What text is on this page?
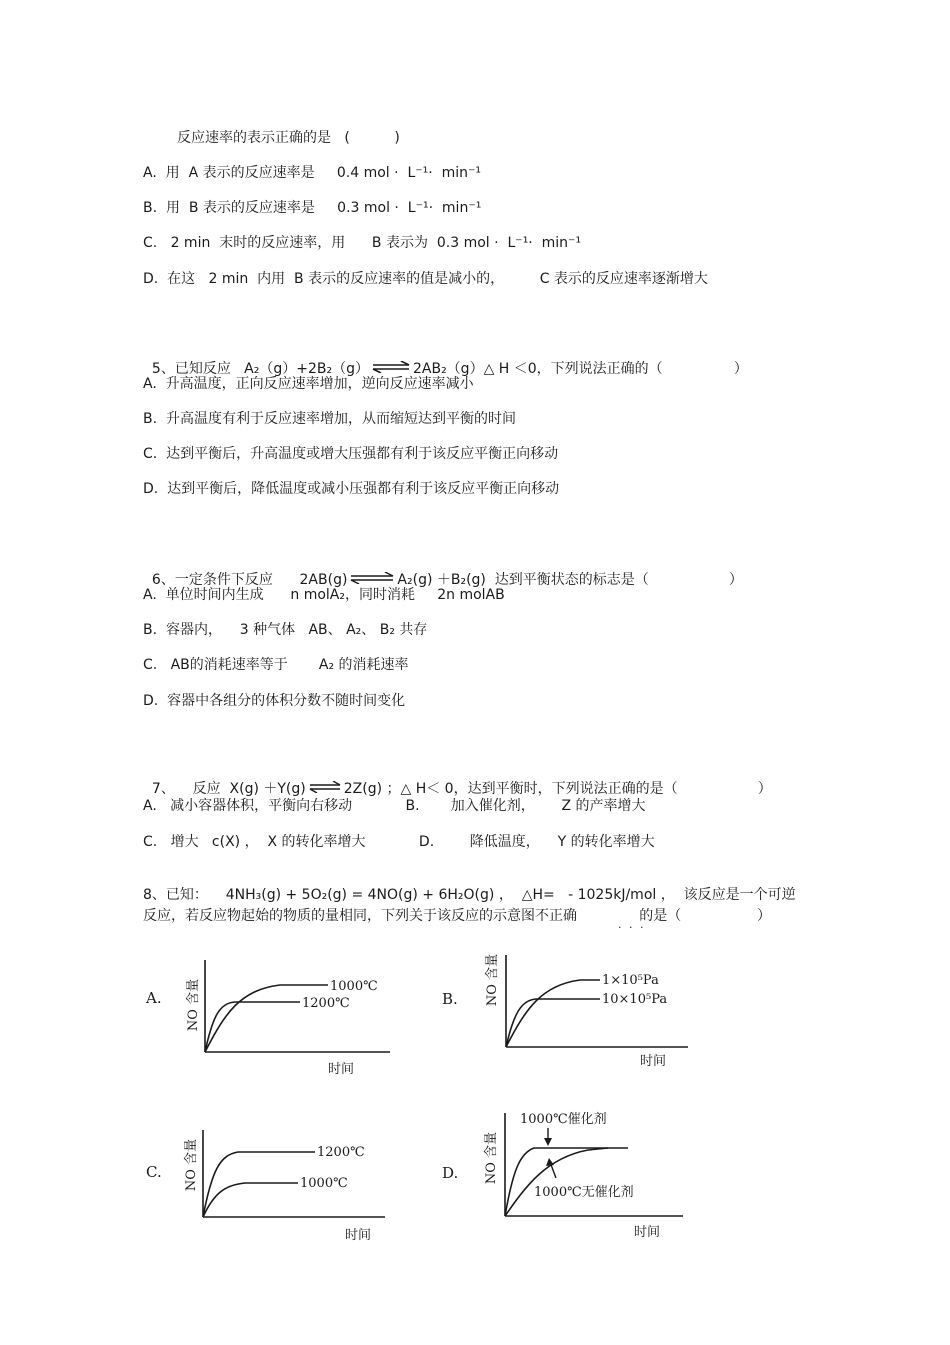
反应速率的表示正确的是   (          )
A.  用  A 表示的反应速率是     0.4 mol ·  L⁻¹·  min⁻¹
B.  用  B 表示的反应速率是     0.3 mol ·  L⁻¹·  min⁻¹
C.   2 min  末时的反应速率，用      B 表示为  0.3 mol ·  L⁻¹·  min⁻¹
D.  在这   2 min  内用  B 表示的反应速率的值是减小的，        C 表示的反应速率逐渐增大

5、已知反应   A₂（g）+2B₂（g） ⇌ 2AB₂（g）△ H ＜0，下列说法正确的（                ）

A.  升高温度，正向反应速率增加，逆向反应速率减小
B.  升高温度有利于反应速率增加，从而缩短达到平衡的时间
C.  达到平衡后，升高温度或增大压强都有利于该反应平衡正向移动
D.  达到平衡后，降低温度或减小压强都有利于该反应平衡正向移动

6、一定条件下反应      2AB(g) ⇌ A₂(g) ＋B₂(g)  达到平衡状态的标志是（                  ）

A.  单位时间内生成      n molA₂，同时消耗     2n molAB
B.  容器内，    3 种气体   AB、 A₂、 B₂ 共存
C.   AB的消耗速率等于       A₂ 的消耗速率
D.  容器中各组分的体积分数不随时间变化

7、    反应  X(g) ＋Y(g) ⇌ 2Z(g) ；△ H＜ 0，达到平衡时，下列说法正确的是（                  ）

A.   减小容器体积，平衡向右移动            B.       加入催化剂，      Z 的产率增大
C.   增大   c(X) ，  X 的转化率增大            D.        降低温度，    Y 的转化率增大
8、已知：    4NH₃(g) + 5O₂(g) = 4NO(g) + 6H₂O(g) ，  △H=   - 1025kJ/mol ，  该反应是一个可逆
反应，若反应物起始的物质的量相同，下列关于该反应的示意图不正确              的是（                 ）
· · ·
A. NO 含量	1000℃
1200℃
时间
B. NO 含量	1×10⁵Pa
10×10⁵Pa
时间
C. NO 含量	1200℃
1000℃
时间
D. NO 含量
1000℃催化剂
1000℃无催化剂
时间
